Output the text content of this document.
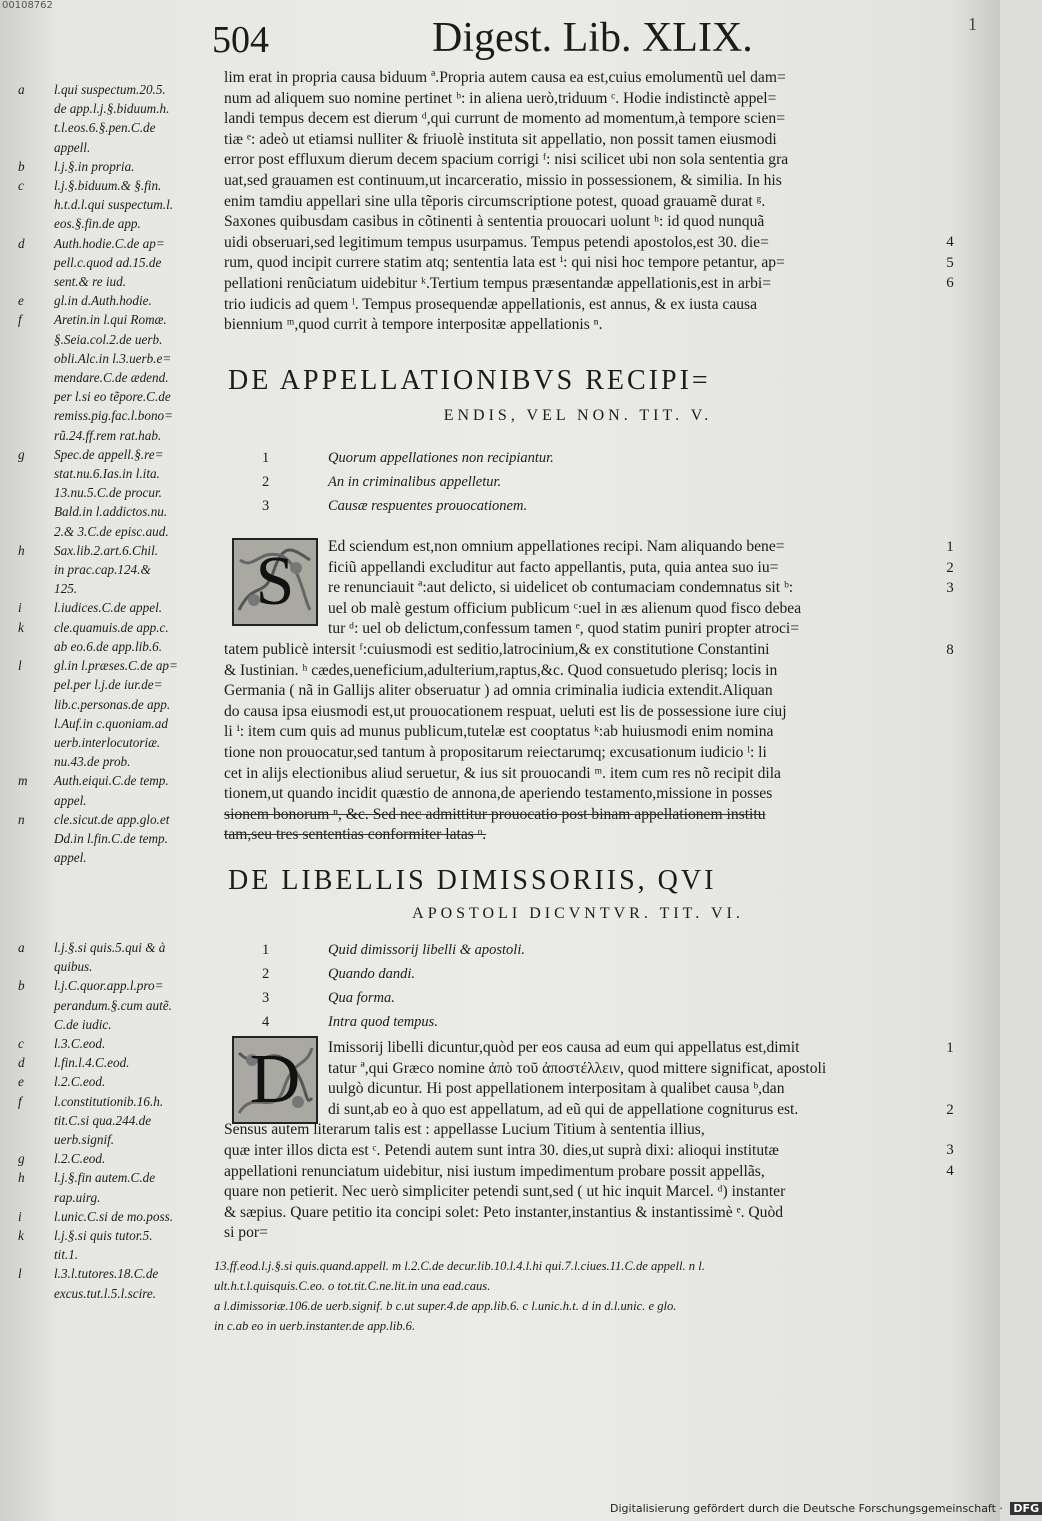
00108762
504	Digest. Lib. XLIX.	1
a	l.qui suspectum.20.5.
de app.l.j.§.biduum.h.
t.l.eos.6.§.pen.C.de
appell.
b	l.j.§.in propria.
c	l.j.§.biduum.& §.fin.
h.t.d.l.qui suspectum.l.
eos.§.fin.de app.
d	Auth.hodie.C.de ap=
pell.c.quod ad.15.de
sent.& re iud.
e	gl.in d.Auth.hodie.
f	Aretin.in l.qui Romæ.
§.Seia.col.2.de uerb.
obli.Alc.in l.3.uerb.e=
mendare.C.de ædend.
per l.si eo tẽpore.C.de
remiss.pig.fac.l.bono=
rũ.24.ff.rem rat.hab.
g	Spec.de appell.§.re=
stat.nu.6.Ias.in l.ita.
13.nu.5.C.de procur.
Bald.in l.addictos.nu.
2.& 3.C.de episc.aud.
h	Sax.lib.2.art.6.Chil.
in prac.cap.124.&
125.
i	l.iudices.C.de appel.
k	cle.quamuis.de app.c.
ab eo.6.de app.lib.6.
l	gl.in l.præses.C.de ap=
pel.per l.j.de iur.de=
lib.c.personas.de app.
l.Auf.in c.quoniam.ad
uerb.interlocutoriæ.
nu.43.de prob.
m	Auth.eiqui.C.de temp.
appel.
n	cle.sicut.de app.glo.et
Dd.in l.fin.C.de temp.
appel.
a	l.j.§.si quis.5.qui & à
quibus.
b	l.j.C.quor.app.l.pro=
perandum.§.cum autẽ.
C.de iudic.
c	l.3.C.eod.
d	l.fin.l.4.C.eod.
e	l.2.C.eod.
f	l.constitutionib.16.h.
tit.C.si qua.244.de
uerb.signif.
g	l.2.C.eod.
h	l.j.§.fin autem.C.de
rap.uirg.
i	l.unic.C.si de mo.poss.
k	l.j.§.si quis tutor.5.
tit.1.
l	l.3.l.tutores.18.C.de
excus.tut.l.5.l.scire.
lim erat in propria causa biduum ª.Propria autem causa ea est,cuius emolumentũ uel dam=
num ad aliquem suo nomine pertinet ᵇ: in aliena uerò,triduum ᶜ. Hodie indistinctè appel=
landi tempus decem est dierum ᵈ,qui currunt de momento ad momentum,à tempore scien=
tiæ ᵉ: adeò ut etiamsi nulliter & friuolè instituta sit appellatio, non possit tamen eiusmodi
error post effluxum dierum decem spacium corrigi ᶠ: nisi scilicet ubi non sola sententia gra
uat,sed grauamen est continuum,ut incarceratio, missio in possessionem, & similia. In his
enim tamdiu appellari sine ulla tẽporis circumscriptione potest, quoad grauamẽ durat ᵍ.
Saxones quibusdam casibus in cõtinenti à sententia prouocari uolunt ʰ: id quod nunquã
uidi obseruari,sed legitimum tempus usurpamus. Tempus petendi apostolos,est 30. die=
rum, quod incipit currere statim atq; sententia lata est ⁱ: qui nisi hoc tempore petantur, ap=
pellationi renũciatum uidebitur ᵏ.Tertium tempus præsentandæ appellationis,est in arbi=
trio iudicis ad quem ˡ. Tempus prosequendæ appellationis, est annus, & ex iusta causa
biennium ᵐ,quod currit à tempore interpositæ appellationis ⁿ.
4
5
6
DE APPELLATIONIBVS RECIPI=
ENDIS, VEL NON. TIT. V.
1	Quorum appellationes non recipiantur.
2	An in criminalibus appelletur.
3	Causæ respuentes prouocationem.
S	Ed sciendum est,non omnium appellationes recipi. Nam aliquando bene=
ficiũ appellandi excluditur aut facto appellantis, puta, quia antea suo iu=
re renunciauit ª:aut delicto, si uidelicet ob contumaciam condemnatus sit ᵇ:
uel ob malè gestum officium publicum ᶜ:uel in æs alienum quod fisco debea
tur ᵈ: uel ob delictum,confessum tamen ᵉ, quod statim puniri propter atroci=
tatem publicè intersit ᶠ:cuiusmodi est seditio,latrocinium,& ex constitutione Constantini
& Iustinian. ʰ cædes,ueneficium,adulterium,raptus,&c. Quod consuetudo plerisq; locis in
Germania ( nã in Gallijs aliter obseruatur ) ad omnia criminalia iudicia extendit.Aliquan
do causa ipsa eiusmodi est,ut prouocationem respuat, ueluti est lis de possessione iure ciuj
li ⁱ: item cum quis ad munus publicum,tutelæ est cooptatus ᵏ:ab huiusmodi enim nomina
tione non prouocatur,sed tantum à propositarum reiectarumq; excusationum iudicio ˡ: li
cet in alijs electionibus aliud seruetur, & ius sit prouocandi ᵐ. item cum res nõ recipit dila
tionem,ut quando incidit quæstio de annona,de aperiendo testamento,missione in posses
sionem bonorum ⁿ, &c. Sed nec admittitur prouocatio post binam appellationem institu
tam,seu tres sententias conformiter latas ᵒ.
1
2
3
8
DE LIBELLIS DIMISSORIIS, QVI
APOSTOLI DICVNTVR. TIT. VI.
1	Quid dimissorij libelli & apostoli.
2	Quando dandi.
3	Qua forma.
4	Intra quod tempus.
D	Imissorij libelli dicuntur,quòd per eos causa ad eum qui appellatus est,dimit
tatur ª,qui Græco nomine ἀπὸ τοῦ ἀποστέλλειν, quod mittere significat, apostoli
uulgò dicuntur. Hi post appellationem interpositam à qualibet causa ᵇ,dan
di sunt,ab eo à quo est appellatum, ad eũ qui de appellatione cogniturus est.
Sensus autem literarum talis est : appellasse Lucium Titium à sententia illius,
quæ inter illos dicta est ᶜ. Petendi autem sunt intra 30. dies,ut suprà dixi: alioqui institutæ
appellationi renunciatum uidebitur, nisi iustum impedimentum probare possit appellãs,
quare non petierit. Nec uerò simpliciter petendi sunt,sed ( ut hic inquit Marcel. ᵈ) instanter
& sæpius. Quare petitio ita concipi solet: Peto instanter,instantius & instantissimè ᵉ. Quòd
si por=
1
2
3
4
13.ff.eod.l.j.§.si quis.quand.appell. m l.2.C.de decur.lib.10.l.4.l.hi qui.7.l.ciues.11.C.de appell. n l.
ult.h.t.l.quisquis.C.eo. o tot.tit.C.ne.lit.in una ead.caus.
a l.dimissoriæ.106.de uerb.signif. b c.ut super.4.de app.lib.6. c l.unic.h.t. d in d.l.unic. e glo.
in c.ab eo in uerb.instanter.de app.lib.6.
Digitalisierung gefördert durch die Deutsche Forschungsgemeinschaft · DFG
